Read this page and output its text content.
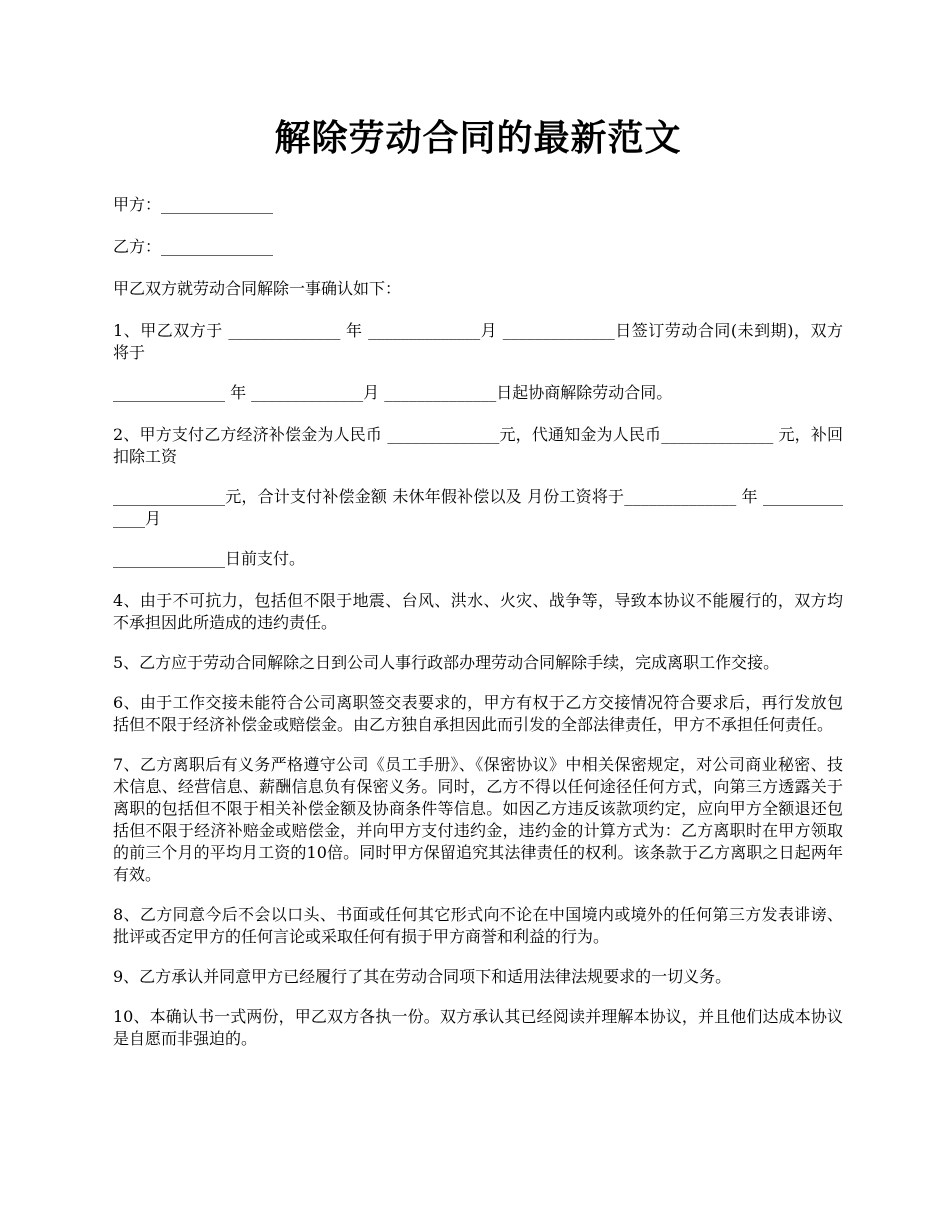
解除劳动合同的最新范文

甲方：______________

乙方：______________

甲乙双方就劳动合同解除一事确认如下：

1、甲乙双方于 ______________ 年 ______________月 ______________日签订劳动合同(未到期)，双方将于

______________ 年 ______________月 ______________日起协商解除劳动合同。

2、甲方支付乙方经济补偿金为人民币 ______________元，代通知金为人民币______________ 元，补回扣除工资

______________元，合计支付补偿金额 未休年假补偿以及 月份工资将于______________ 年 ______________月

______________日前支付。

4、由于不可抗力，包括但不限于地震、台风、洪水、火灾、战争等，导致本协议不能履行的，双方均不承担因此所造成的违约责任。

5、乙方应于劳动合同解除之日到公司人事行政部办理劳动合同解除手续，完成离职工作交接。

6、由于工作交接未能符合公司离职签交表要求的，甲方有权于乙方交接情况符合要求后，再行发放包括但不限于经济补偿金或赔偿金。由乙方独自承担因此而引发的全部法律责任，甲方不承担任何责任。

7、乙方离职后有义务严格遵守公司《员工手册》、《保密协议》中相关保密规定，对公司商业秘密、技术信息、经营信息、薪酬信息负有保密义务。同时，乙方不得以任何途径任何方式，向第三方透露关于离职的包括但不限于相关补偿金额及协商条件等信息。如因乙方违反该款项约定，应向甲方全额退还包括但不限于经济补赔金或赔偿金，并向甲方支付违约金，违约金的计算方式为：乙方离职时在甲方领取的前三个月的平均月工资的10倍。同时甲方保留追究其法律责任的权利。该条款于乙方离职之日起两年有效。

8、乙方同意今后不会以口头、书面或任何其它形式向不论在中国境内或境外的任何第三方发表诽谤、批评或否定甲方的任何言论或采取任何有损于甲方商誉和利益的行为。

9、乙方承认并同意甲方已经履行了其在劳动合同项下和适用法律法规要求的一切义务。

10、本确认书一式两份，甲乙双方各执一份。双方承认其已经阅读并理解本协议，并且他们达成本协议是自愿而非强迫的。
